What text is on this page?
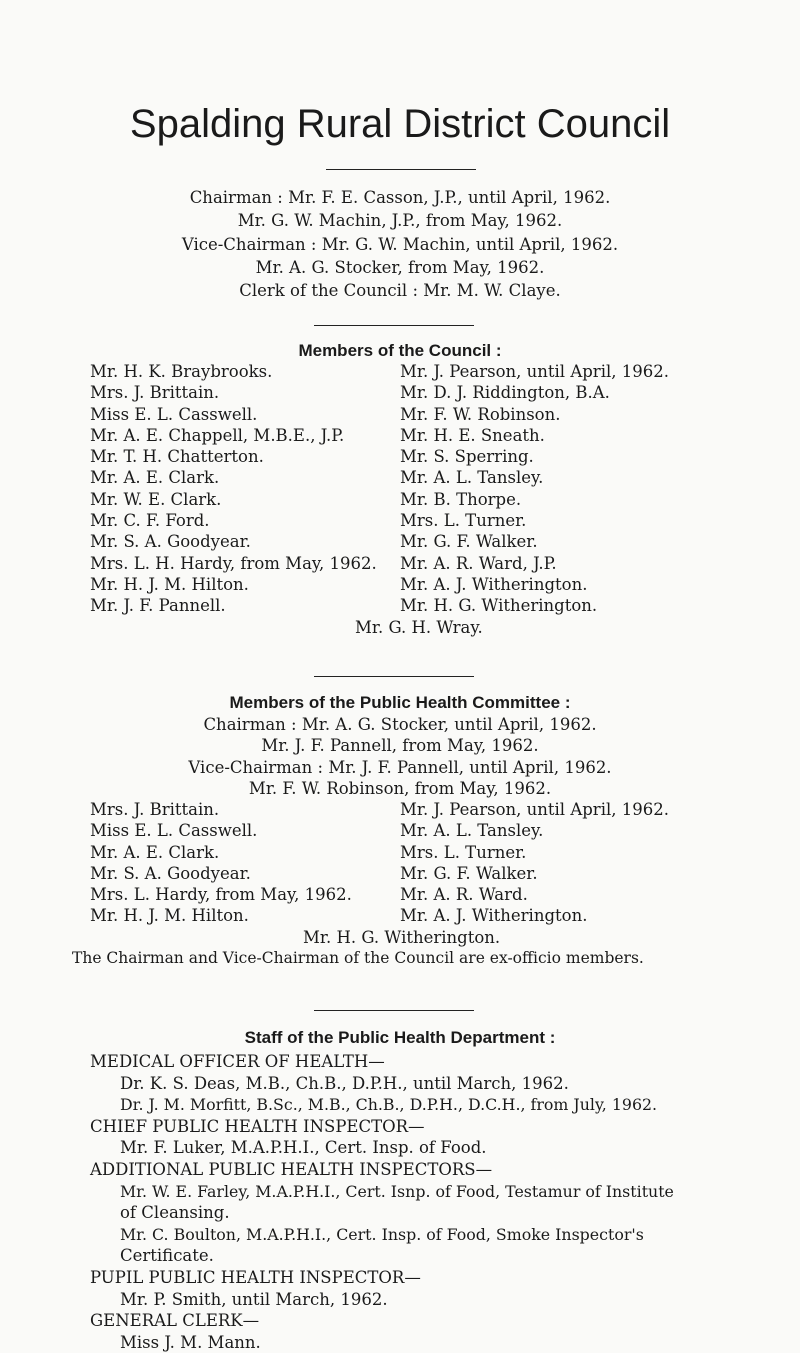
Spalding Rural District Council
Chairman : Mr. F. E. Casson, J.P., until April, 1962.
Mr. G. W. Machin, J.P., from May, 1962.
Vice-Chairman : Mr. G. W. Machin, until April, 1962.
Mr. A. G. Stocker, from May, 1962.
Clerk of the Council : Mr. M. W. Claye.
Members of the Council :
Mr. H. K. Braybrooks.
Mrs. J. Brittain.
Miss E. L. Casswell.
Mr. A. E. Chappell, M.B.E., J.P.
Mr. T. H. Chatterton.
Mr. A. E. Clark.
Mr. W. E. Clark.
Mr. C. F. Ford.
Mr. S. A. Goodyear.
Mrs. L. H. Hardy, from May, 1962.
Mr. H. J. M. Hilton.
Mr. J. F. Pannell.
Mr. J. Pearson, until April, 1962.
Mr. D. J. Riddington, B.A.
Mr. F. W. Robinson.
Mr. H. E. Sneath.
Mr. S. Sperring.
Mr. A. L. Tansley.
Mr. B. Thorpe.
Mrs. L. Turner.
Mr. G. F. Walker.
Mr. A. R. Ward, J.P.
Mr. A. J. Witherington.
Mr. H. G. Witherington.
Mr. G. H. Wray.
Members of the Public Health Committee :
Chairman : Mr. A. G. Stocker, until April, 1962.
Mr. J. F. Pannell, from May, 1962.
Vice-Chairman : Mr. J. F. Pannell, until April, 1962.
Mr. F. W. Robinson, from May, 1962.
Mrs. J. Brittain.
Miss E. L. Casswell.
Mr. A. E. Clark.
Mr. S. A. Goodyear.
Mrs. L. Hardy, from May, 1962.
Mr. H. J. M. Hilton.
Mr. J. Pearson, until April, 1962.
Mr. A. L. Tansley.
Mrs. L. Turner.
Mr. G. F. Walker.
Mr. A. R. Ward.
Mr. A. J. Witherington.
Mr. H. G. Witherington.
The Chairman and Vice-Chairman of the Council are ex-officio members.
Staff of the Public Health Department :
MEDICAL OFFICER OF HEALTH—
Dr. K. S. Deas, M.B., Ch.B., D.P.H., until March, 1962.
Dr. J. M. Morfitt, B.Sc., M.B., Ch.B., D.P.H., D.C.H., from July, 1962.
CHIEF PUBLIC HEALTH INSPECTOR—
Mr. F. Luker, M.A.P.H.I., Cert. Insp. of Food.
ADDITIONAL PUBLIC HEALTH INSPECTORS—
Mr. W. E. Farley, M.A.P.H.I., Cert. Isnp. of Food, Testamur of Institute
of Cleansing.
Mr. C. Boulton, M.A.P.H.I., Cert. Insp. of Food, Smoke Inspector's
Certificate.
PUPIL PUBLIC HEALTH INSPECTOR—
Mr. P. Smith, until March, 1962.
GENERAL CLERK—
Miss J. M. Mann.
